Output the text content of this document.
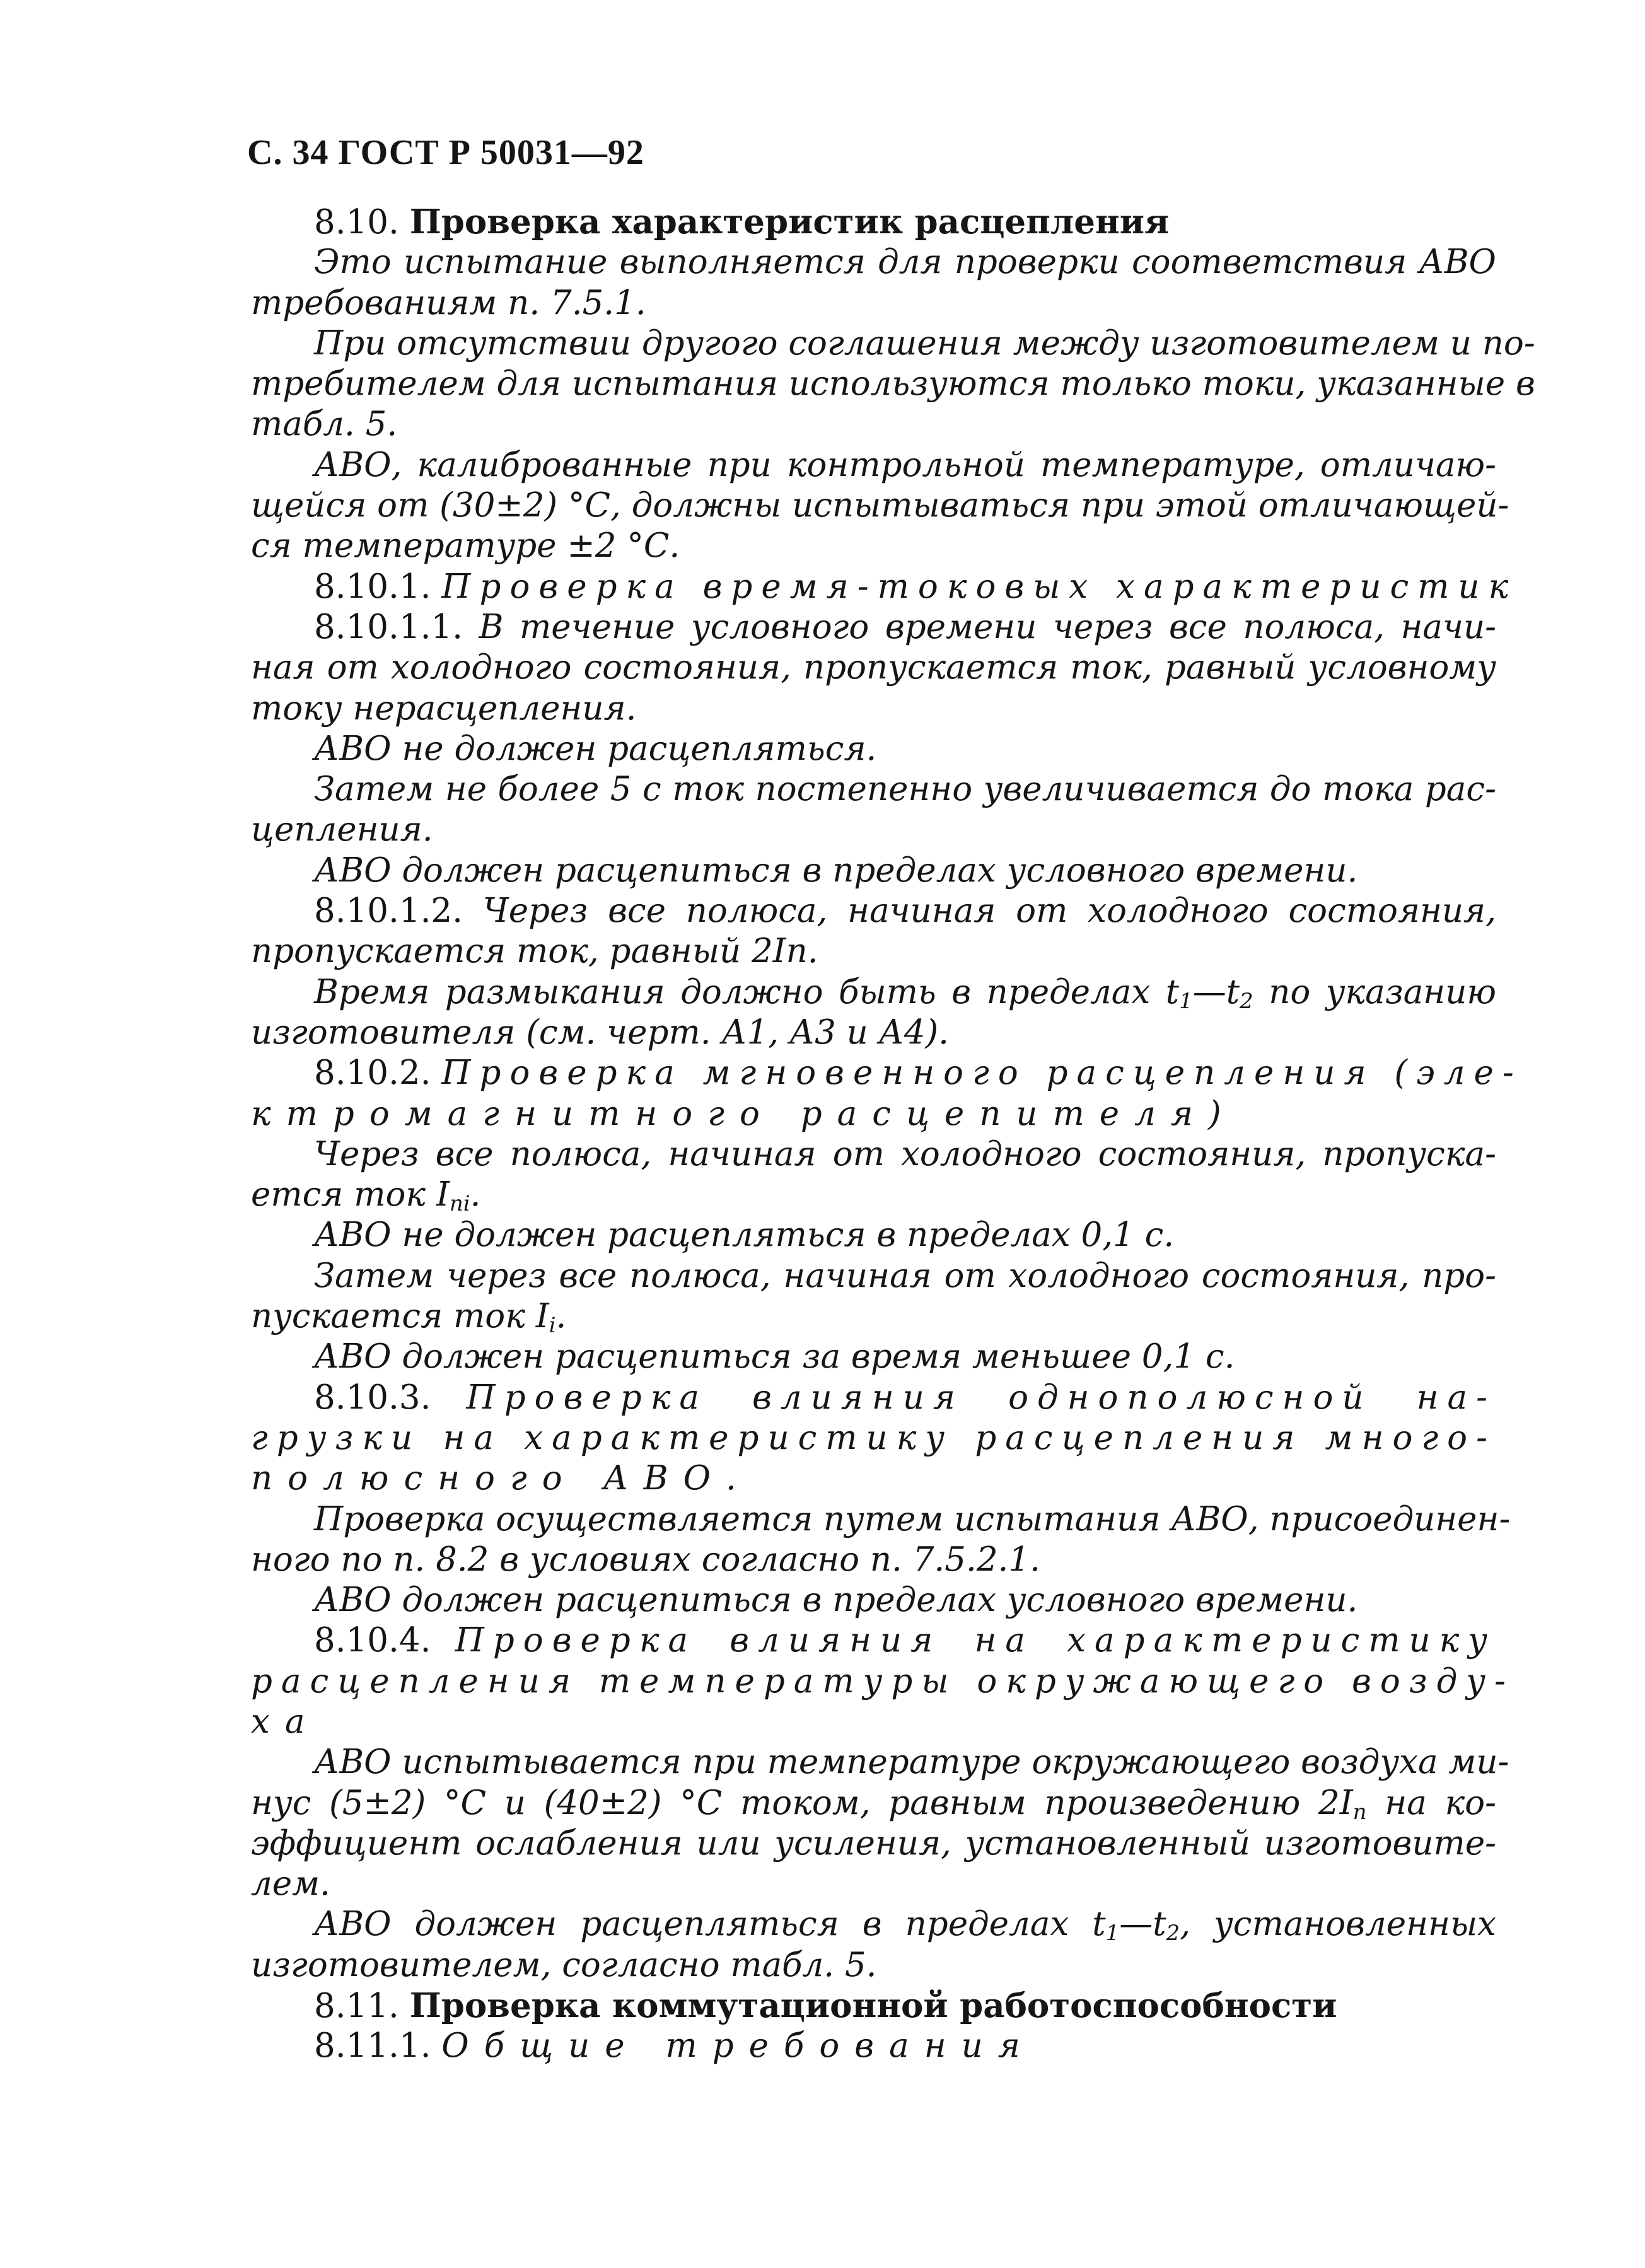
С. 34 ГОСТ Р 50031—92
8.10. Проверка характеристик расцепления
Это испытание выполняется для проверки соответствия АВО
требованиям п. 7.5.1.
При отсутствии другого соглашения между изготовителем и по-
требителем для испытания используются только токи, указанные в
табл. 5.
АВО, калиброванные при контрольной температуре, отличаю-
щейся от (30±2) °С, должны испытываться при этой отличающей-
ся температуре ±2 °С.
8.10.1. Проверка время-токовых характеристик
8.10.1.1. В течение условного времени через все полюса, начи-
ная от холодного состояния, пропускается ток, равный условному
току нерасцепления.
АВО не должен расцепляться.
Затем не более 5 с ток постепенно увеличивается до тока рас-
цепления.
АВО должен расцепиться в пределах условного времени.
8.10.1.2. Через все полюса, начиная от холодного состояния,
пропускается ток, равный 2In.
Время размыкания должно быть в пределах $t_1—t_2$ по указанию
изготовителя (см. черт. А1, А3 и А4).
8.10.2. Проверка мгновенного расцепления (эле-
ктромагнитного расцепителя)
Через все полюса, начиная от холодного состояния, пропуска-
ется ток $I_{ni}$.
АВО не должен расцепляться в пределах 0,1 с.
Затем через все полюса, начиная от холодного состояния, про-
пускается ток $I_i$.
АВО должен расцепиться за время меньшее 0,1 с.
8.10.3. Проверка влияния однополюсной на-
грузки на характеристику расцепления много-
полюсного АВО.
Проверка осуществляется путем испытания АВО, присоединен-
ного по п. 8.2 в условиях согласно п. 7.5.2.1.
АВО должен расцепиться в пределах условного времени.
8.10.4. Проверка влияния на характеристику
расцепления температуры окружающего возду-
ха
АВО испытывается при температуре окружающего воздуха ми-
нус (5±2) °С и (40±2) °С током, равным произведению $2I_n$ на ко-
эффициент ослабления или усиления, установленный изготовите-
лем.
АВО должен расцепляться в пределах $t_1—t_2$, установленных
изготовителем, согласно табл. 5.
8.11. Проверка коммутационной работоспособности
8.11.1. Общие требования
